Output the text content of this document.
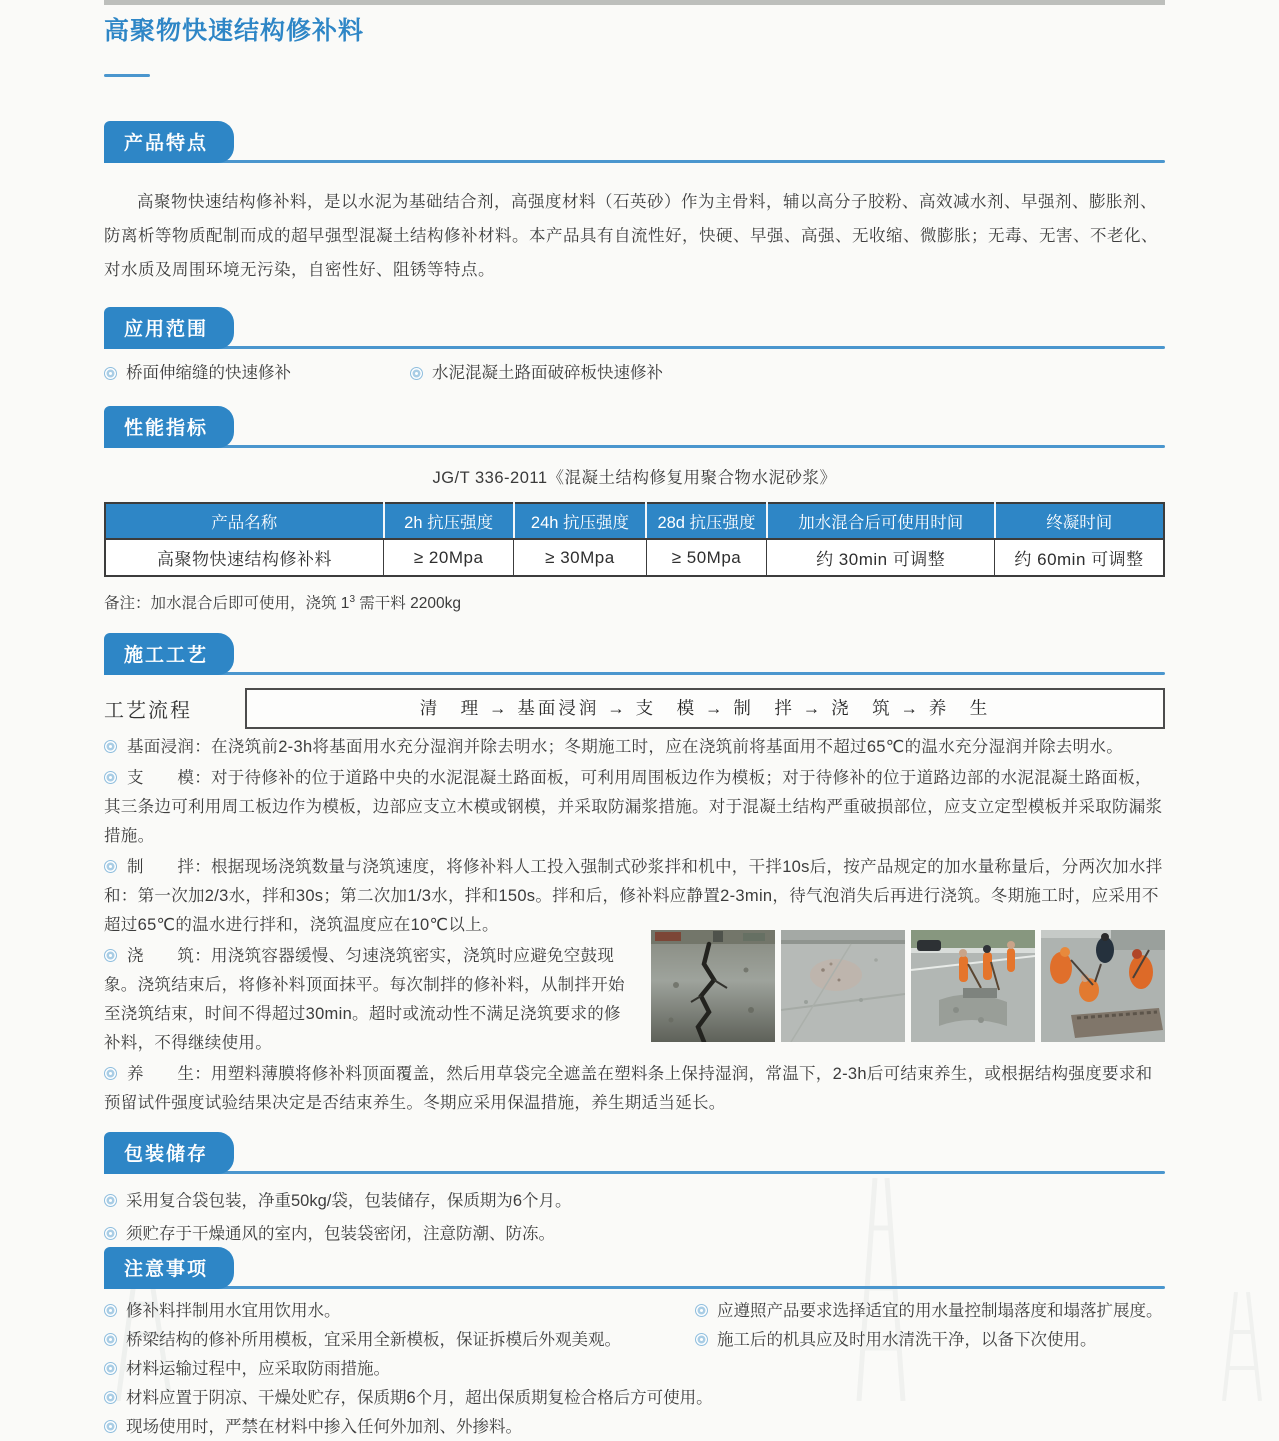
高聚物快速结构修补料
产品特点

高聚物快速结构修补料，是以水泥为基础结合剂，高强度材料（石英砂）作为主骨料，辅以高分子胶粉、高效减水剂、早强剂、膨胀剂、防离析等物质配制而成的超早强型混凝土结构修补材料。本产品具有自流性好，快硬、早强、高强、无收缩、微膨胀；无毒、无害、不老化、对水质及周围环境无污染，自密性好、阻锈等特点。

应用范围
桥面伸缩缝的快速修补	水泥混凝土路面破碎板快速修补
性能指标
JG/T 336-2011《混凝土结构修复用聚合物水泥砂浆》
产品名称	2h 抗压强度	24h 抗压强度	28d 抗压强度	加水混合后可使用时间	终凝时间
高聚物快速结构修补料	≥ 20Mpa	≥ 30Mpa	≥ 50Mpa	约 30min 可调整	约 60min 可调整

备注：加水混合后即可使用，浇筑 $1^3$ 需干料 2200kg

施工工艺
工艺流程	清　理 → 基面浸润 → 支　模 → 制　拌 → 浇　筑 → 养　生

基面浸润：在浇筑前2-3h将基面用水充分湿润并除去明水；冬期施工时，应在浇筑前将基面用不超过65℃的温水充分湿润并除去明水。

支　　模：对于待修补的位于道路中央的水泥混凝土路面板，可利用周围板边作为模板；对于待修补的位于道路边部的水泥混凝土路面板，其三条边可利用周工板边作为模板，边部应支立木模或钢模，并采取防漏浆措施。对于混凝土结构严重破损部位，应支立定型模板并采取防漏浆措施。

制　　拌：根据现场浇筑数量与浇筑速度，将修补料人工投入强制式砂浆拌和机中，干拌10s后，按产品规定的加水量称量后，分两次加水拌和：第一次加2/3水，拌和30s；第二次加1/3水，拌和150s。拌和后，修补料应静置2-3min，待气泡消失后再进行浇筑。冬期施工时，应采用不超过65℃的温水进行拌和，浇筑温度应在10℃以上。

浇　　筑：用浇筑容器缓慢、匀速浇筑密实，浇筑时应避免空鼓现象。浇筑结束后，将修补料顶面抹平。每次制拌的修补料，从制拌开始至浇筑结束，时间不得超过30min。超时或流动性不满足浇筑要求的修补料，不得继续使用。

养　　生：用塑料薄膜将修补料顶面覆盖，然后用草袋完全遮盖在塑料条上保持湿润，常温下，2-3h后可结束养生，或根据结构强度要求和预留试件强度试验结果决定是否结束养生。冬期应采用保温措施，养生期适当延长。

包装储存
采用复合袋包装，净重50kg/袋，包装储存，保质期为6个月。
须贮存于干燥通风的室内，包装袋密闭，注意防潮、防冻。
注意事项
修补料拌制用水宜用饮用水。
桥梁结构的修补所用模板，宜采用全新模板，保证拆模后外观美观。
材料运输过程中，应采取防雨措施。
材料应置于阴凉、干燥处贮存，保质期6个月，超出保质期复检合格后方可使用。
现场使用时，严禁在材料中掺入任何外加剂、外掺料。
应遵照产品要求选择适宜的用水量控制塌落度和塌落扩展度。
施工后的机具应及时用水清洗干净，以备下次使用。
